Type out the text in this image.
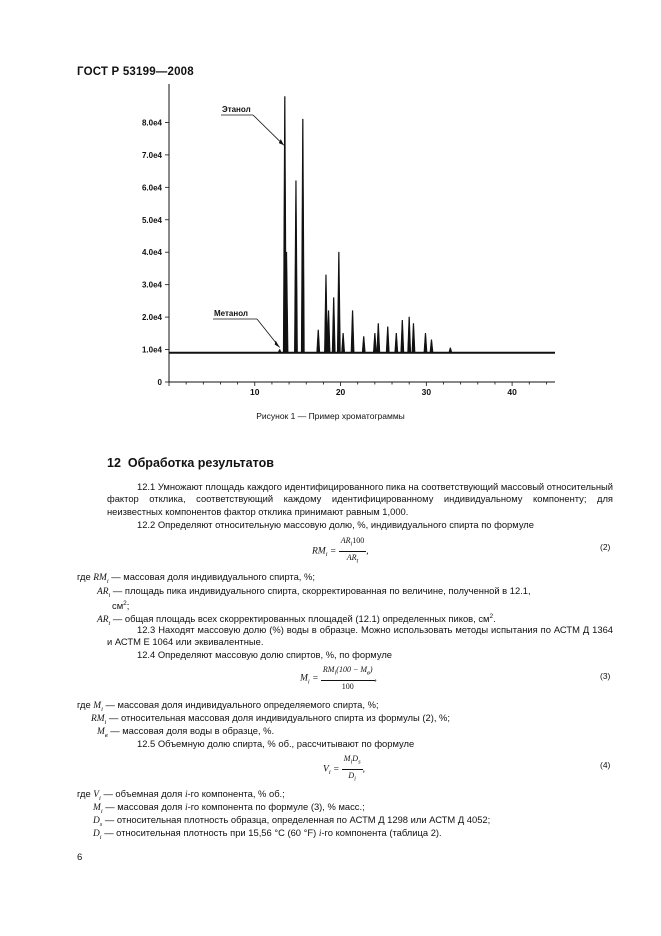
ГОСТ Р 53199—2008
10	20	30	40
0
1.0e4
2.0e4
3.0e4
4.0e4
5.0e4
6.0e4
7.0e4
8.0e4
Этанол
Метанол
Рисунок 1 — Пример хроматограммы
12 Обработка результатов
12.1 Умножают площадь каждого идентифицированного пика на соответствующий массовый относительный фактор отклика, соответствующий каждому идентифицированному индивидуальному компоненту; для неизвестных компонентов фактор отклика принимают равным 1,000.
12.2 Определяют относительную массовую долю, %, индивидуального спирта по формуле
$RM_i = \frac{AR_i100}{AR_t}$ ,	(2)
где $RM_i$ — массовая доля индивидуального спирта, %;
$AR_i$ — площадь пика индивидуального спирта, скорректированная по величине, полученной в 12.1,
$см^2$;
$AR_t$ — общая площадь всех скорректированных площадей (12.1) определенных пиков, $см^2$.
12.3 Находят массовую долю (%) воды в образце. Можно использовать методы испытания по АСТМ Д 1364 и АСТМ Е 1064 или эквивалентные.
12.4 Определяют массовую долю спиртов, %, по формуле
$M_i = \frac{RM_i(100 - M_в)}{100}$ ,	(3)
где $M_i$ — массовая доля индивидуального определяемого спирта, %;
$RM_i$ — относительная массовая доля индивидуального спирта из формулы (2), %;
$M_в$ — массовая доля воды в образце, %.
12.5 Объемную долю спирта, % об., рассчитывают по формуле
$V_i = \frac{M_iD_s}{D_i}$ ,	(4)
где $V_i$ — объемная доля i-го компонента, % об.;
$M_i$ — массовая доля i-го компонента по формуле (3), % масс.;
$D_s$ — относительная плотность образца, определенная по АСТМ Д 1298 или АСТМ Д 4052;
$D_i$ — относительная плотность при 15,56 °С (60 °F) i-го компонента (таблица 2).
6
